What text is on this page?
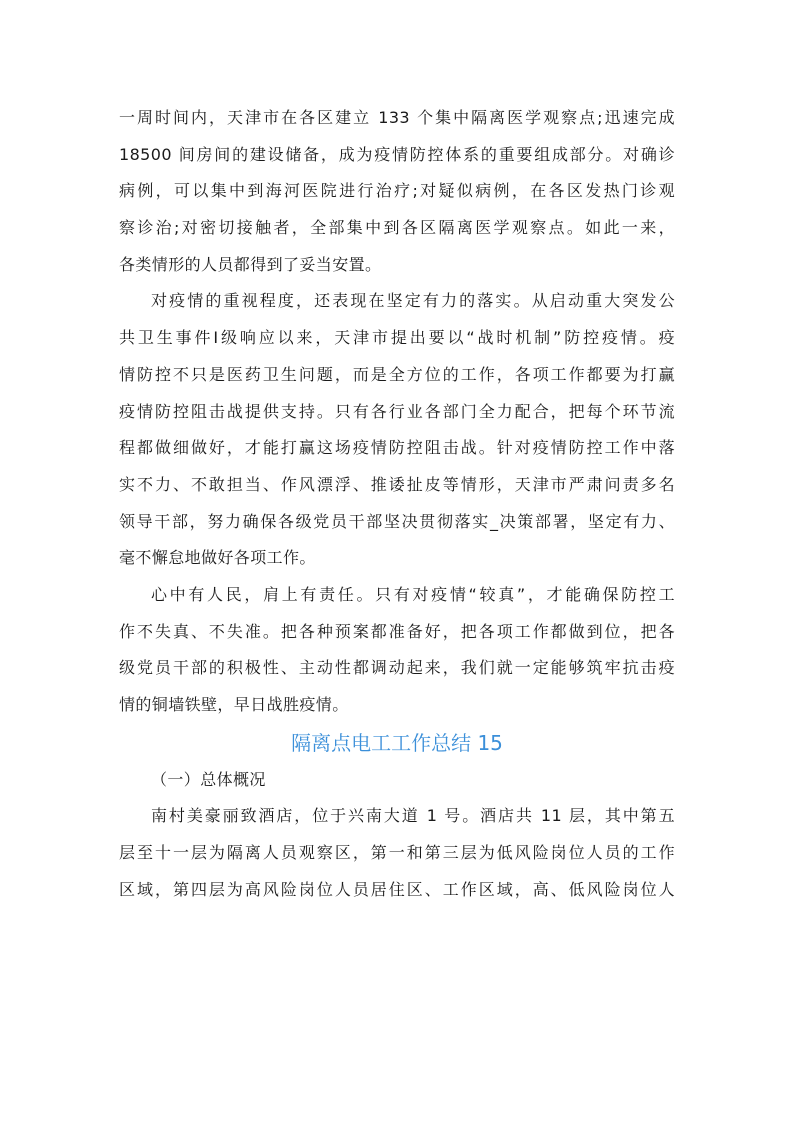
一周时间内，天津市在各区建立 133 个集中隔离医学观察点;迅速完成
18500 间房间的建设储备，成为疫情防控体系的重要组成部分。对确诊
病例，可以集中到海河医院进行治疗;对疑似病例，在各区发热门诊观
察诊治;对密切接触者，全部集中到各区隔离医学观察点。如此一来，
各类情形的人员都得到了妥当安置。
对疫情的重视程度，还表现在坚定有力的落实。从启动重大突发公
共卫生事件Ⅰ级响应以来，天津市提出要以“战时机制”防控疫情。疫
情防控不只是医药卫生问题，而是全方位的工作，各项工作都要为打赢
疫情防控阻击战提供支持。只有各行业各部门全力配合，把每个环节流
程都做细做好，才能打赢这场疫情防控阻击战。针对疫情防控工作中落
实不力、不敢担当、作风漂浮、推诿扯皮等情形，天津市严肃问责多名
领导干部，努力确保各级党员干部坚决贯彻落实_决策部署，坚定有力、
毫不懈怠地做好各项工作。
心中有人民，肩上有责任。只有对疫情“较真”，才能确保防控工
作不失真、不失准。把各种预案都准备好，把各项工作都做到位，把各
级党员干部的积极性、主动性都调动起来，我们就一定能够筑牢抗击疫
情的铜墙铁壁，早日战胜疫情。
隔离点电工工作总结 15
（一）总体概况
南村美豪丽致酒店，位于兴南大道 1 号。酒店共 11 层，其中第五
层至十一层为隔离人员观察区，第一和第三层为低风险岗位人员的工作
区域，第四层为高风险岗位人员居住区、工作区域，高、低风险岗位人
